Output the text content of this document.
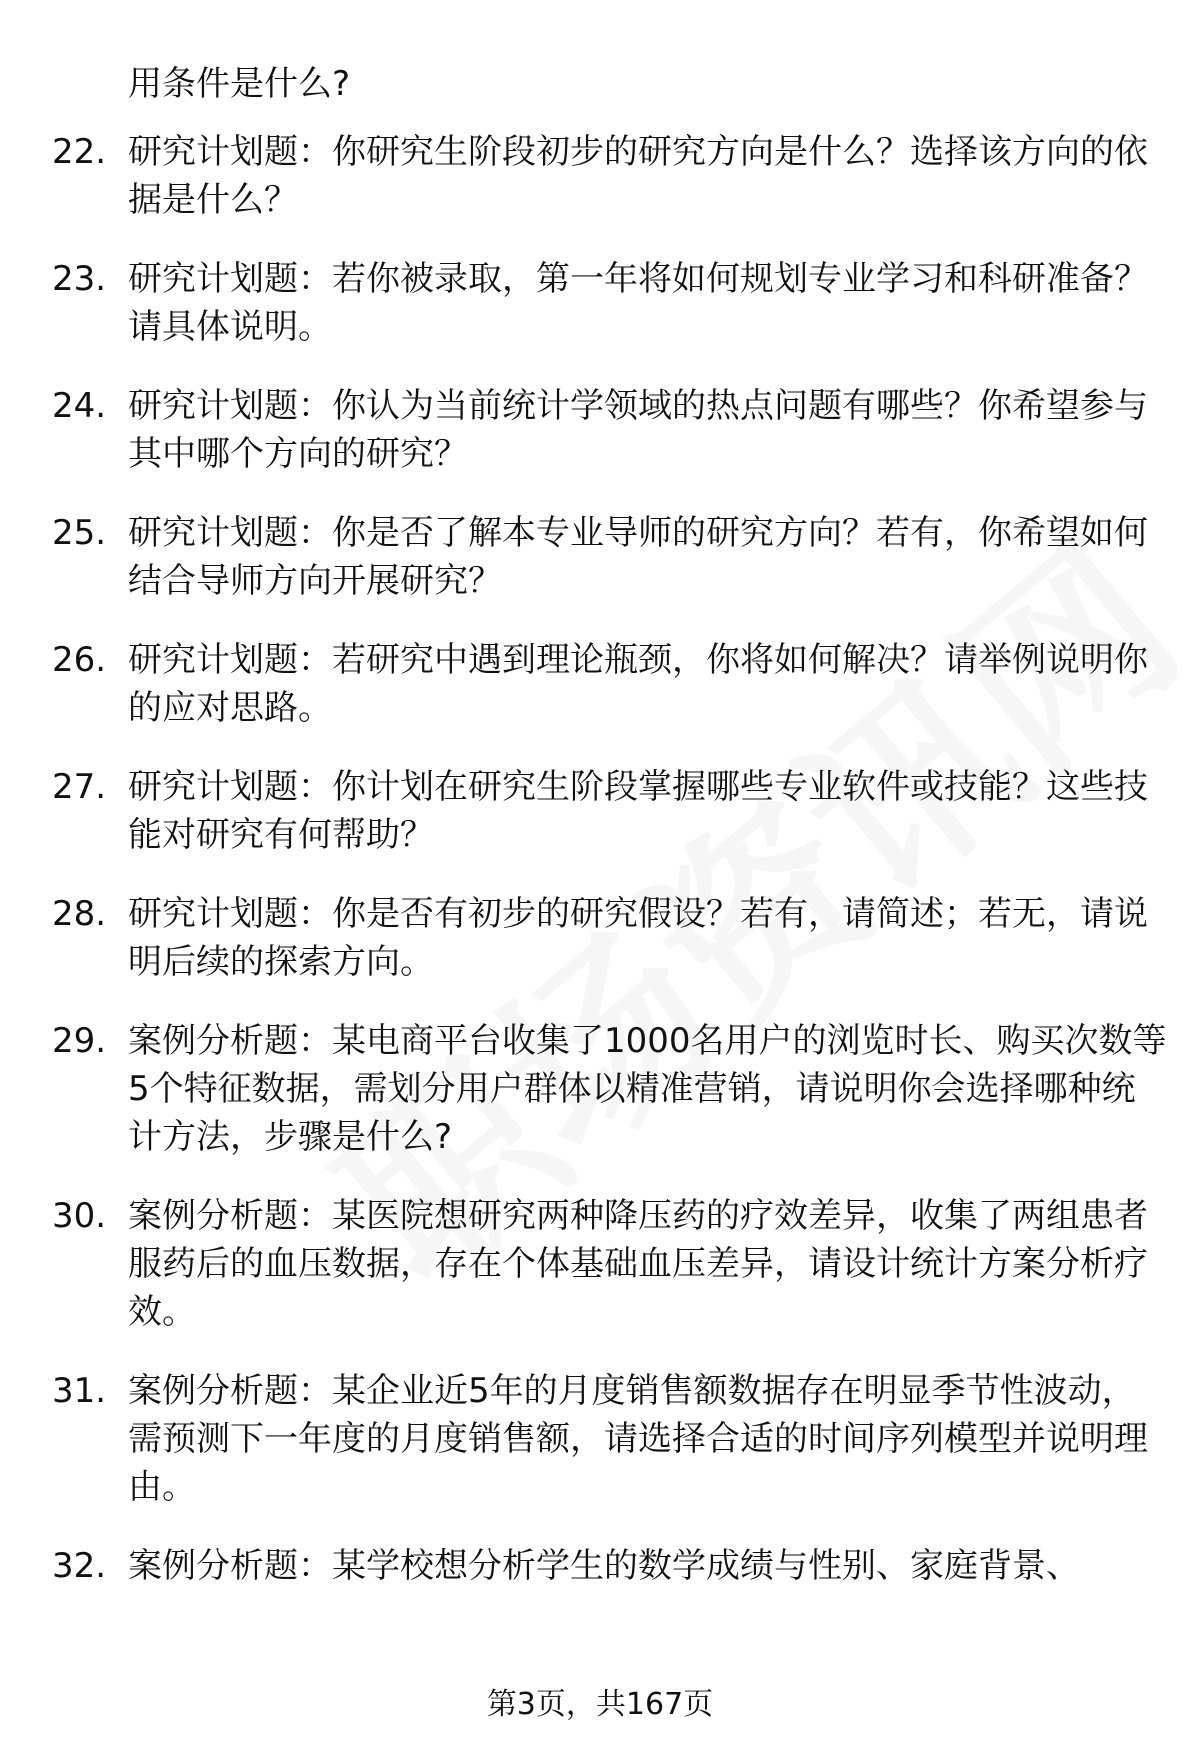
用条件是什么?

22. 研究计划题：你研究生阶段初步的研究方向是什么？选择该方向的依据是什么？
23. 研究计划题：若你被录取，第一年将如何规划专业学习和科研准备？请具体说明。
24. 研究计划题：你认为当前统计学领域的热点问题有哪些？你希望参与其中哪个方向的研究？
25. 研究计划题：你是否了解本专业导师的研究方向？若有，你希望如何结合导师方向开展研究？
26. 研究计划题：若研究中遇到理论瓶颈，你将如何解决？请举例说明你的应对思路。
27. 研究计划题：你计划在研究生阶段掌握哪些专业软件或技能？这些技能对研究有何帮助？
28. 研究计划题：你是否有初步的研究假设？若有，请简述；若无，请说明后续的探索方向。
29. 案例分析题：某电商平台收集了1000名用户的浏览时长、购买次数等5个特征数据，需划分用户群体以精准营销，请说明你会选择哪种统计方法，步骤是什么?
30. 案例分析题：某医院想研究两种降压药的疗效差异，收集了两组患者服药后的血压数据，存在个体基础血压差异，请设计统计方案分析疗效。
31. 案例分析题：某企业近5年的月度销售额数据存在明显季节性波动，需预测下一年度的月度销售额，请选择合适的时间序列模型并说明理由。
32. 案例分析题：某学校想分析学生的数学成绩与性别、家庭背景、

第3页，共167页
